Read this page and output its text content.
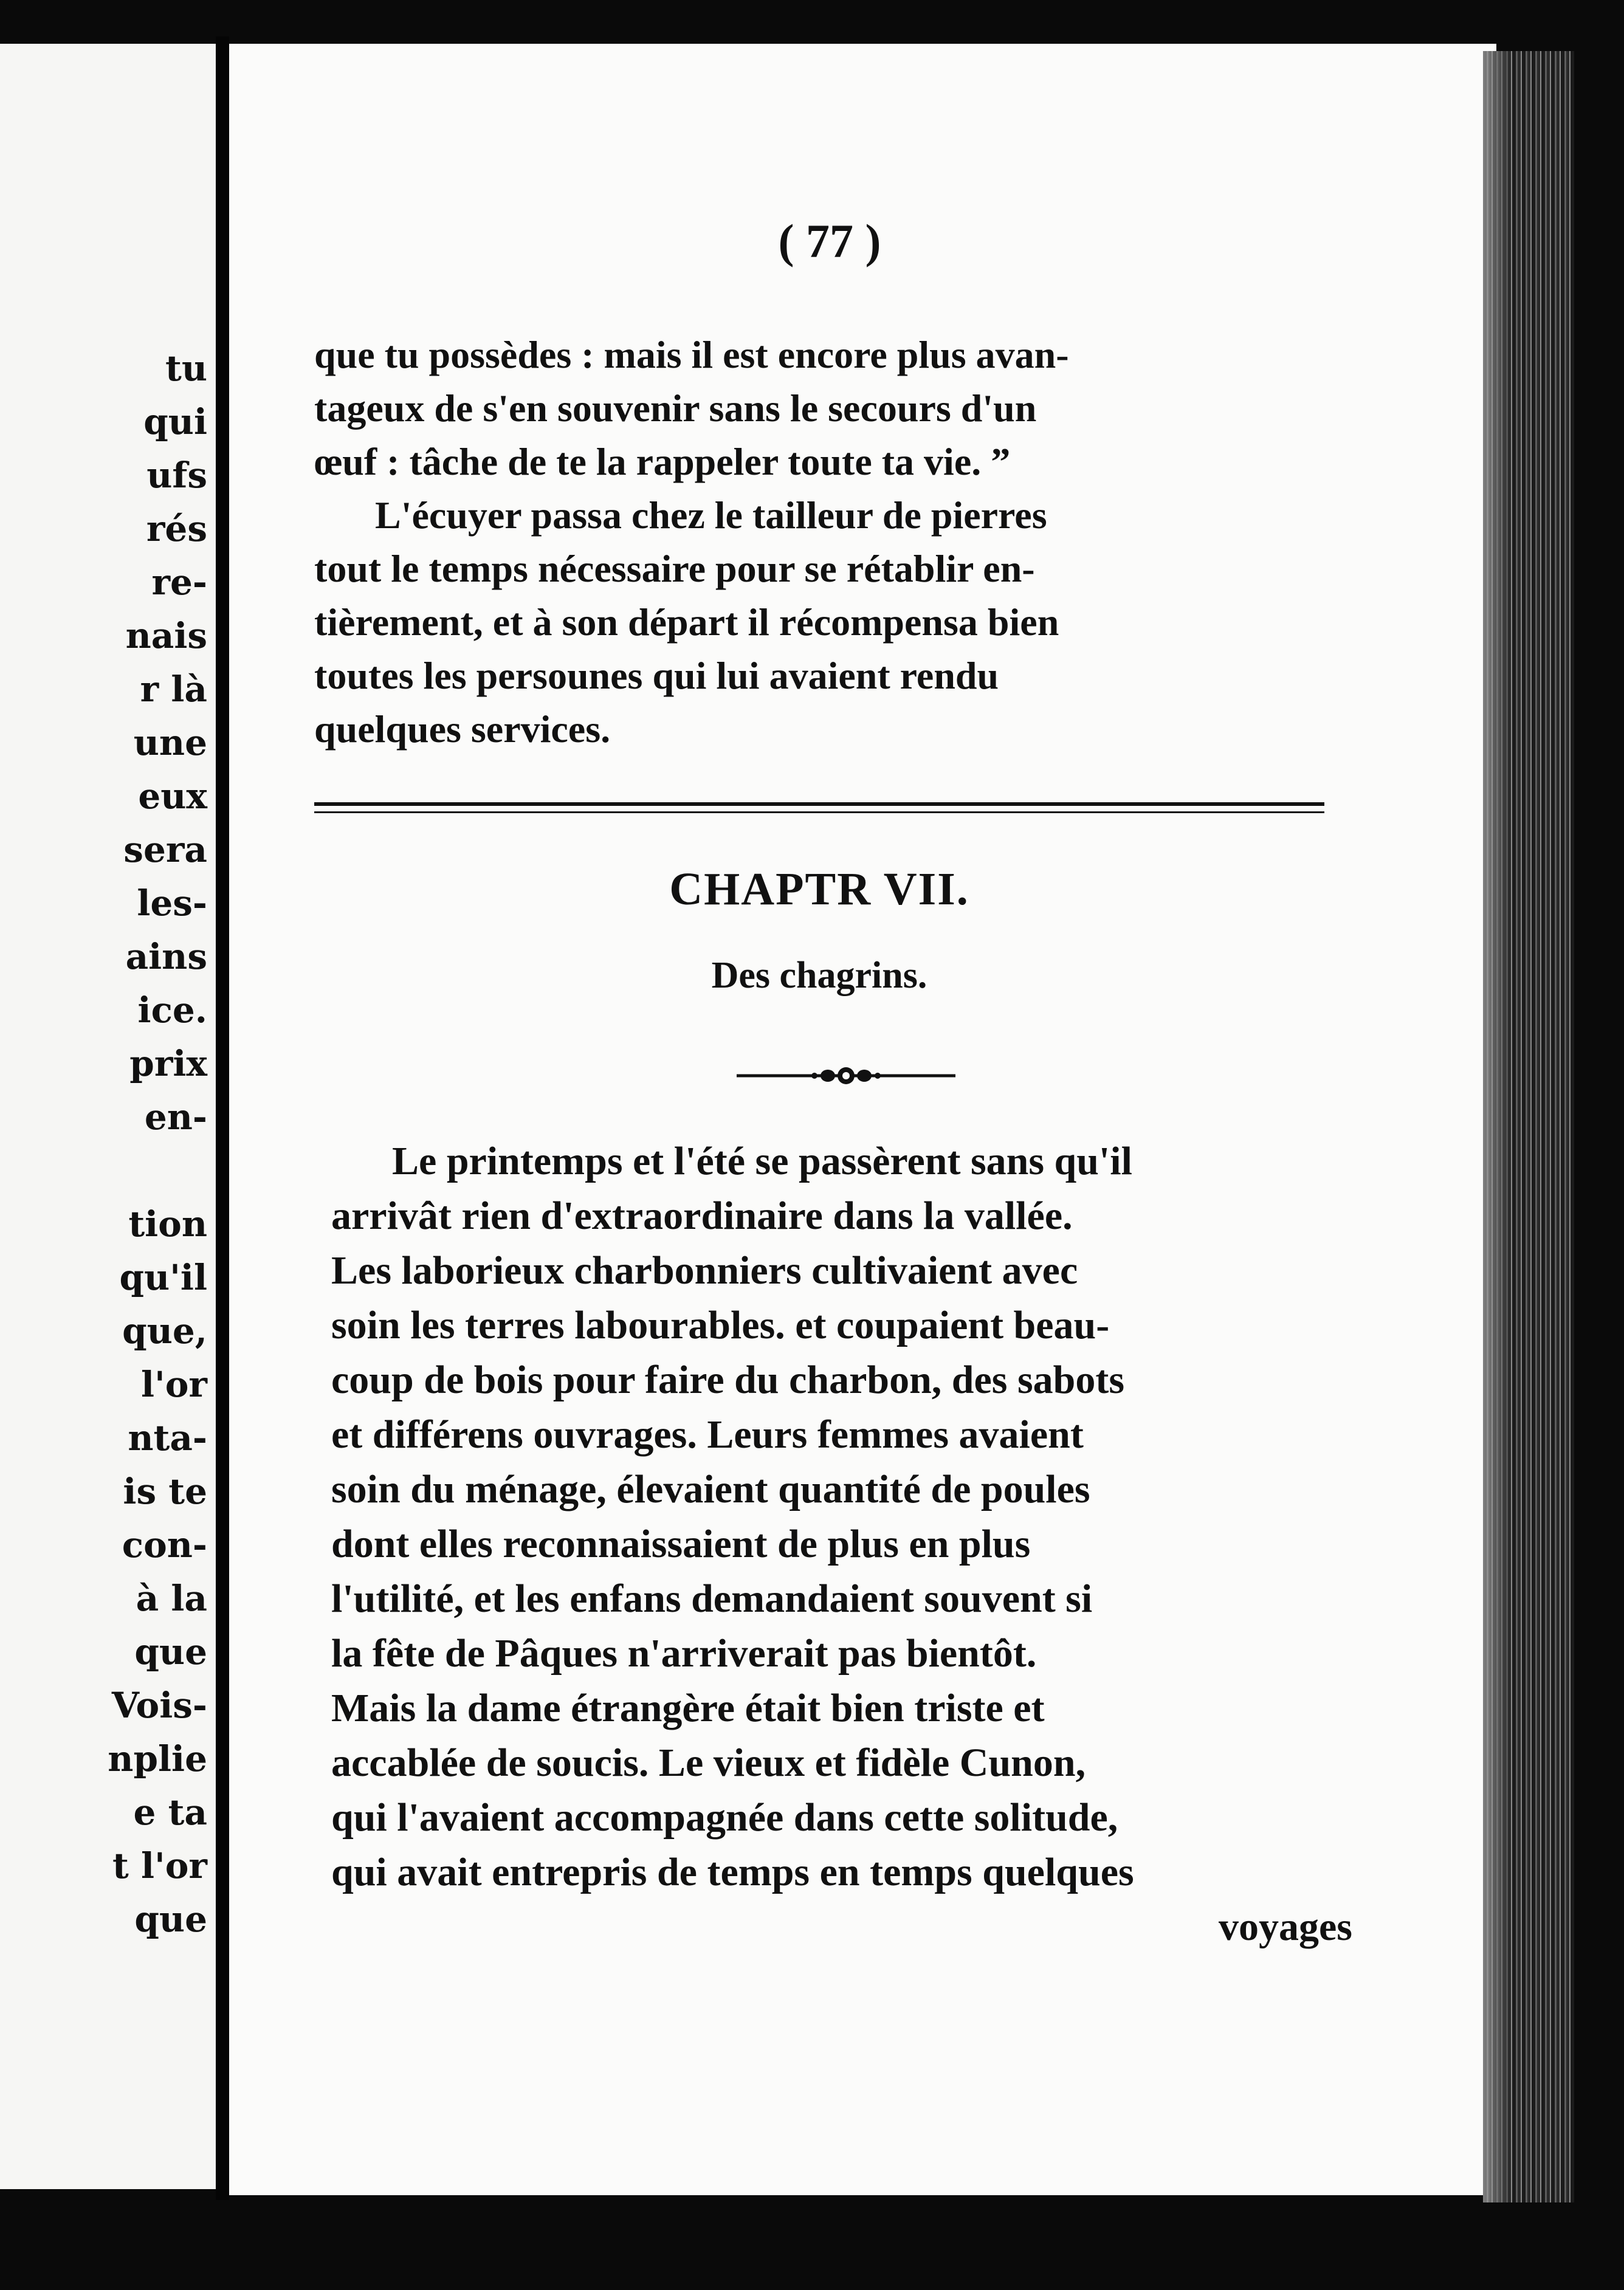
tu
qui
ufs
rés
re-
nais
r là
une
eux
sera
les-
ains
ice.
prix
en-

tion
qu'il
que,
l'or
nta-
is te
con-
à la
que
Vois-
nplie
e ta
t l'or
que
( 77 )

que tu possèdes : mais il est encore plus avan-

tageux de s'en souvenir sans le secours d'un

œuf : tâche de te la rappeler toute ta vie. ”

L'écuyer passa chez le tailleur de pierres

tout le temps nécessaire pour se rétablir en-

tièrement, et à son départ il récompensa bien

toutes les persounes qui lui avaient rendu

quelques services.

CHAPTR VII.
Des chagrins.

Le printemps et l'été se passèrent sans qu'il

arrivât rien d'extraordinaire dans la vallée.

Les laborieux charbonniers cultivaient avec

soin les terres labourables. et coupaient beau-

coup de bois pour faire du charbon, des sabots

et différens ouvrages. Leurs femmes avaient

soin du ménage, élevaient quantité de poules

dont elles reconnaissaient de plus en plus

l'utilité, et les enfans demandaient souvent si

la fête de Pâques n'arriverait pas bientôt.

Mais la dame étrangère était bien triste et

accablée de soucis. Le vieux et fidèle Cunon,

qui l'avaient accompagnée dans cette solitude,

qui avait entrepris de temps en temps quelques

voyages
